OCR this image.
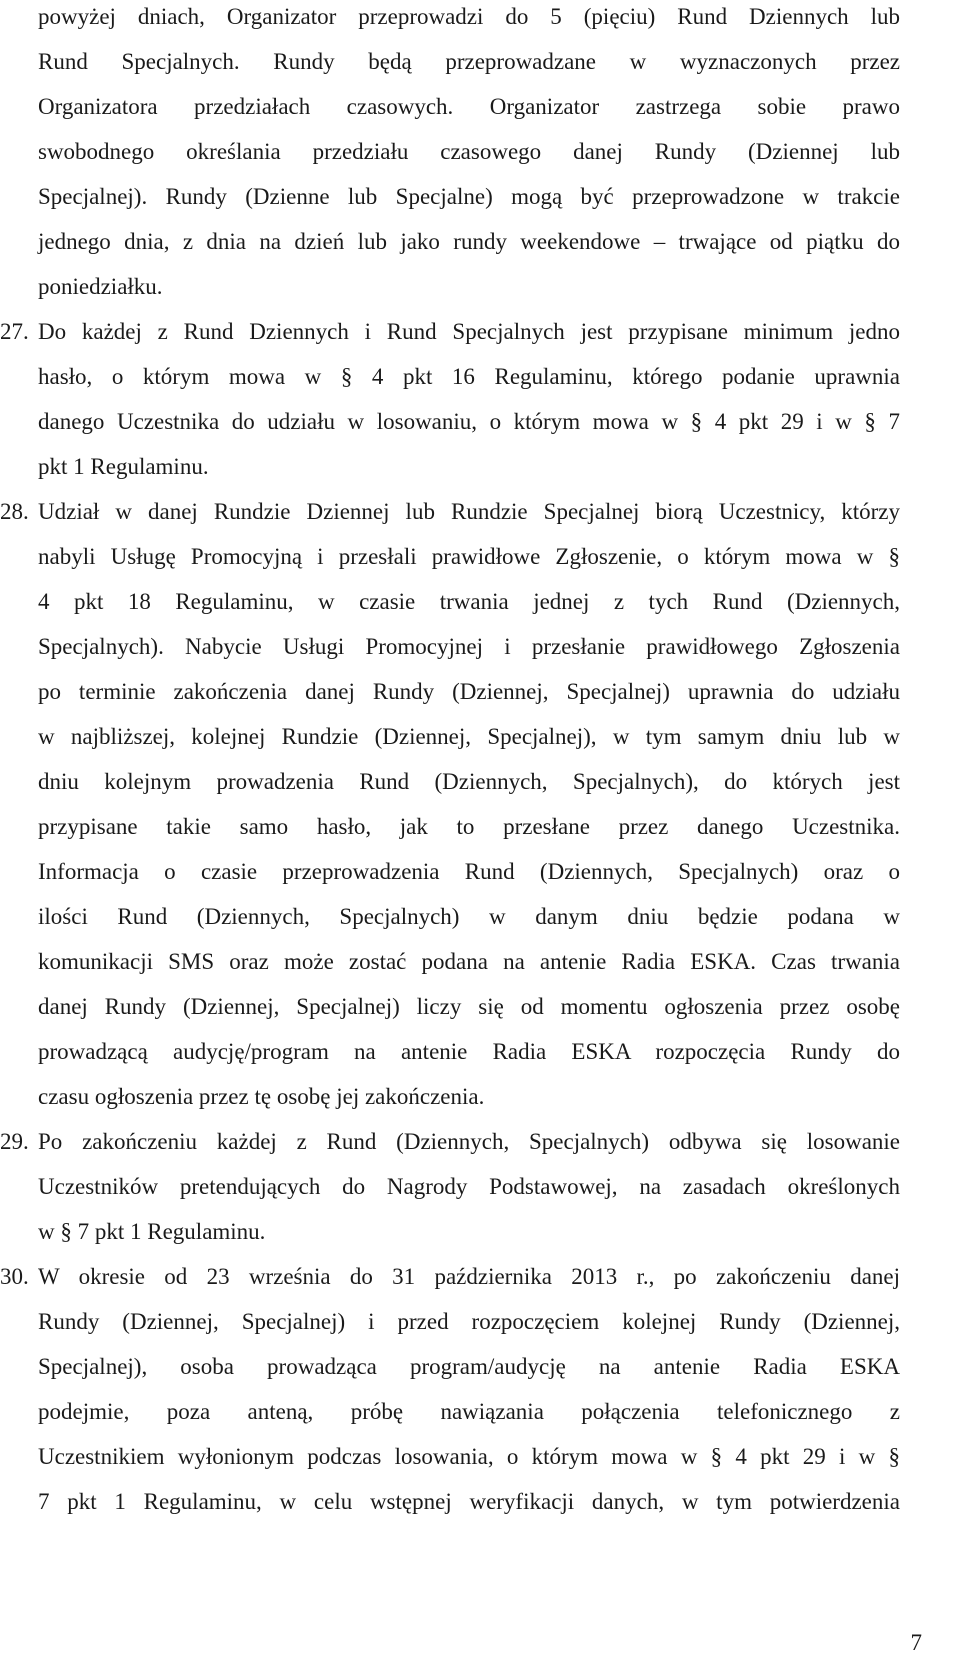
powyżej dniach, Organizator przeprowadzi do 5 (pięciu) Rund Dziennych lub
Rund Specjalnych. Rundy będą przeprowadzane w wyznaczonych przez
Organizatora przedziałach czasowych. Organizator zastrzega sobie prawo
swobodnego określania przedziału czasowego danej Rundy (Dziennej lub
Specjalnej). Rundy (Dzienne lub Specjalne) mogą być przeprowadzone w trakcie
jednego dnia, z dnia na dzień lub jako rundy weekendowe – trwające od piątku do
poniedziałku.
27. Do każdej z Rund Dziennych i Rund Specjalnych jest przypisane minimum jedno
hasło, o którym mowa w § 4 pkt 16 Regulaminu, którego podanie uprawnia
danego Uczestnika do udziału w losowaniu, o którym mowa w § 4 pkt 29 i w § 7
pkt 1 Regulaminu.
28. Udział w danej Rundzie Dziennej lub Rundzie Specjalnej biorą Uczestnicy, którzy
nabyli Usługę Promocyjną i przesłali prawidłowe Zgłoszenie, o którym mowa w §
4 pkt 18 Regulaminu, w czasie trwania jednej z tych Rund (Dziennych,
Specjalnych). Nabycie Usługi Promocyjnej i przesłanie prawidłowego Zgłoszenia
po terminie zakończenia danej Rundy (Dziennej, Specjalnej) uprawnia do udziału
w najbliższej, kolejnej Rundzie (Dziennej, Specjalnej), w tym samym dniu lub w
dniu kolejnym prowadzenia Rund (Dziennych, Specjalnych), do których jest
przypisane takie samo hasło, jak to przesłane przez danego Uczestnika.
Informacja o czasie przeprowadzenia Rund (Dziennych, Specjalnych) oraz o
ilości Rund (Dziennych, Specjalnych) w danym dniu będzie podana w
komunikacji SMS oraz może zostać podana na antenie Radia ESKA. Czas trwania
danej Rundy (Dziennej, Specjalnej) liczy się od momentu ogłoszenia przez osobę
prowadzącą audycję/program na antenie Radia ESKA rozpoczęcia Rundy do
czasu ogłoszenia przez tę osobę jej zakończenia.
29. Po zakończeniu każdej z Rund (Dziennych, Specjalnych) odbywa się losowanie
Uczestników pretendujących do Nagrody Podstawowej, na zasadach określonych
w § 7 pkt 1 Regulaminu.
30. W okresie od 23 września do 31 października 2013 r., po zakończeniu danej
Rundy (Dziennej, Specjalnej) i przed rozpoczęciem kolejnej Rundy (Dziennej,
Specjalnej), osoba prowadząca program/audycję na antenie Radia ESKA
podejmie, poza anteną, próbę nawiązania połączenia telefonicznego z
Uczestnikiem wyłonionym podczas losowania, o którym mowa w § 4 pkt 29 i w §
7 pkt 1 Regulaminu, w celu wstępnej weryfikacji danych, w tym potwierdzenia
7
